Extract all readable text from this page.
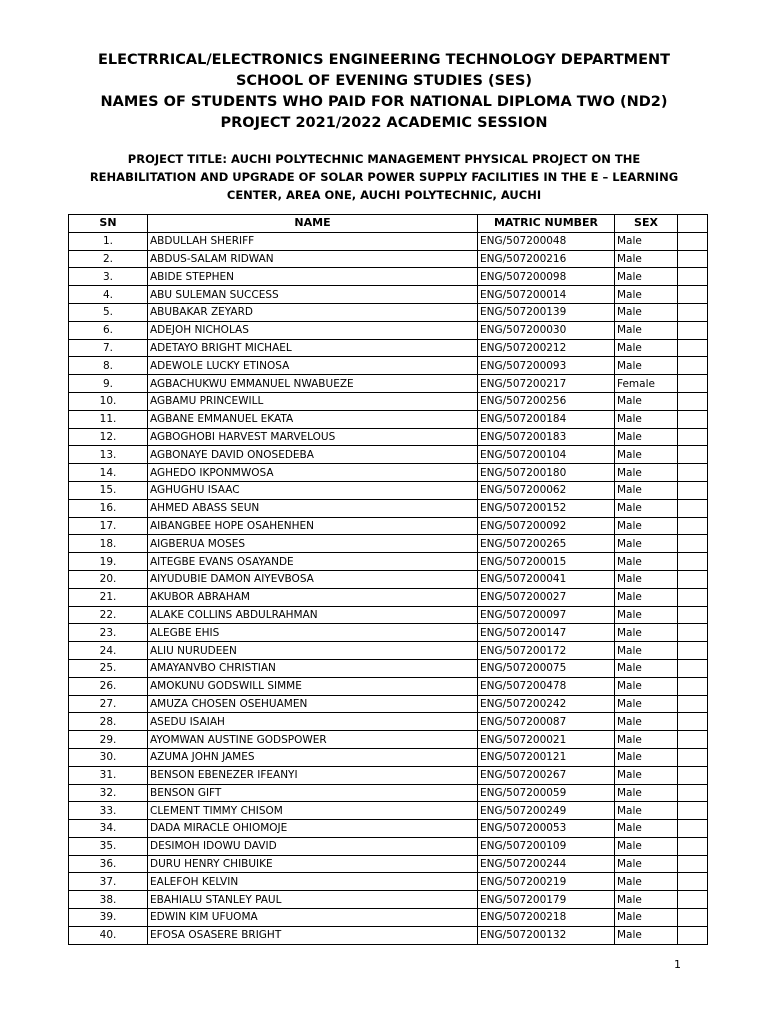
ELECTRRICAL/ELECTRONICS ENGINEERING TECHNOLOGY DEPARTMENT
SCHOOL OF EVENING STUDIES (SES)
NAMES OF STUDENTS WHO PAID FOR NATIONAL DIPLOMA TWO (ND2)
PROJECT 2021/2022 ACADEMIC SESSION
PROJECT TITLE: AUCHI POLYTECHNIC MANAGEMENT PHYSICAL PROJECT ON THE
REHABILITATION AND UPGRADE OF SOLAR POWER SUPPLY FACILITIES IN THE E – LEARNING
CENTER, AREA ONE, AUCHI POLYTECHNIC, AUCHI
SN	NAME	MATRIC NUMBER	SEX	
1.	ABDULLAH SHERIFF	ENG/507200048	Male	
2.	ABDUS-SALAM RIDWAN	ENG/507200216	Male	
3.	ABIDE STEPHEN	ENG/507200098	Male	
4.	ABU SULEMAN SUCCESS	ENG/507200014	Male	
5.	ABUBAKAR ZEYARD	ENG/507200139	Male	
6.	ADEJOH NICHOLAS	ENG/507200030	Male	
7.	ADETAYO BRIGHT MICHAEL	ENG/507200212	Male	
8.	ADEWOLE LUCKY ETINOSA	ENG/507200093	Male	
9.	AGBACHUKWU EMMANUEL NWABUEZE	ENG/507200217	Female	
10.	AGBAMU PRINCEWILL	ENG/507200256	Male	
11.	AGBANE EMMANUEL EKATA	ENG/507200184	Male	
12.	AGBOGHOBI HARVEST MARVELOUS	ENG/507200183	Male	
13.	AGBONAYE DAVID ONOSEDEBA	ENG/507200104	Male	
14.	AGHEDO IKPONMWOSA	ENG/507200180	Male	
15.	AGHUGHU ISAAC	ENG/507200062	Male	
16.	AHMED ABASS SEUN	ENG/507200152	Male	
17.	AIBANGBEE HOPE OSAHENHEN	ENG/507200092	Male	
18.	AIGBERUA MOSES	ENG/507200265	Male	
19.	AITEGBE EVANS OSAYANDE	ENG/507200015	Male	
20.	AIYUDUBIE DAMON AIYEVBOSA	ENG/507200041	Male	
21.	AKUBOR ABRAHAM	ENG/507200027	Male	
22.	ALAKE COLLINS ABDULRAHMAN	ENG/507200097	Male	
23.	ALEGBE EHIS	ENG/507200147	Male	
24.	ALIU NURUDEEN	ENG/507200172	Male	
25.	AMAYANVBO CHRISTIAN	ENG/507200075	Male	
26.	AMOKUNU GODSWILL SIMME	ENG/507200478	Male	
27.	AMUZA CHOSEN OSEHUAMEN	ENG/507200242	Male	
28.	ASEDU ISAIAH	ENG/507200087	Male	
29.	AYOMWAN AUSTINE GODSPOWER	ENG/507200021	Male	
30.	AZUMA JOHN JAMES	ENG/507200121	Male	
31.	BENSON EBENEZER IFEANYI	ENG/507200267	Male	
32.	BENSON GIFT	ENG/507200059	Male	
33.	CLEMENT TIMMY CHISOM	ENG/507200249	Male	
34.	DADA MIRACLE OHIOMOJE	ENG/507200053	Male	
35.	DESIMOH IDOWU DAVID	ENG/507200109	Male	
36.	DURU HENRY CHIBUIKE	ENG/507200244	Male	
37.	EALEFOH KELVIN	ENG/507200219	Male	
38.	EBAHIALU STANLEY PAUL	ENG/507200179	Male	
39.	EDWIN KIM UFUOMA	ENG/507200218	Male	
40.	EFOSA OSASERE BRIGHT	ENG/507200132	Male	
1
